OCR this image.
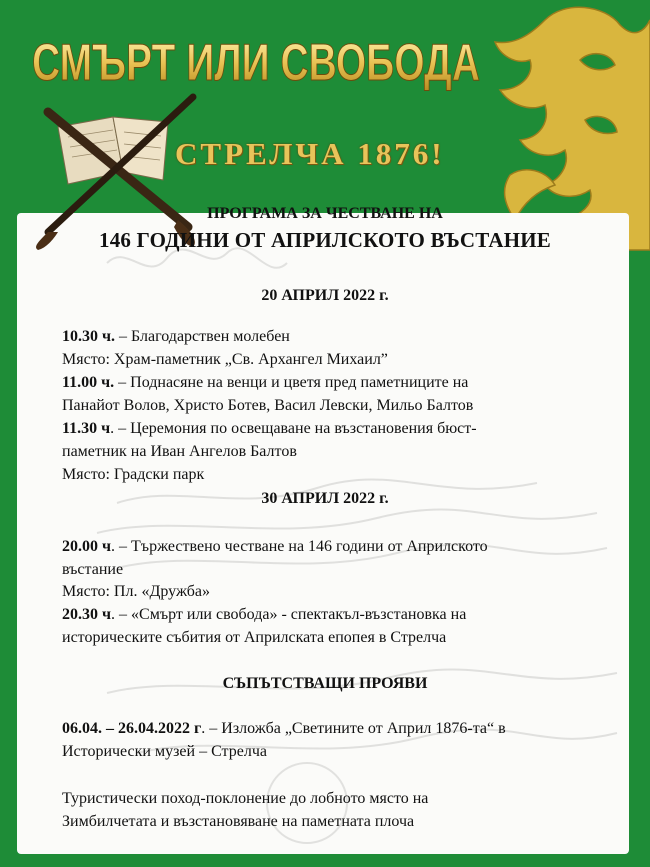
СМЪРТ ИЛИ СВОБОДА
СТРЕЛЧА 1876!
ПРОГРАМА ЗА ЧЕСТВАНЕ НА
146 ГОДИНИ ОТ АПРИЛСКОТО ВЪСТАНИЕ
20 АПРИЛ 2022 г.
10.30 ч. – Благодарствен молебен
Място: Храм-паметник „Св. Архангел Михаил”
11.00 ч. – Поднасяне на венци и цветя пред паметниците на
Панайот Волов, Христо Ботев, Васил Левски, Мильо Балтов
11.30 ч. – Церемония по освещаване на възстановения бюст-
паметник на Иван Ангелов Балтов
Място: Градски парк
30 АПРИЛ 2022 г.
20.00 ч. – Тържествено честване на 146 години от Априлското
въстание
Място: Пл. «Дружба»
20.30 ч. – «Смърт или свобода» - спектакъл-възстановка на
историческите събития от Априлската епопея в Стрелча
СЪПЪТСТВАЩИ ПРОЯВИ
06.04. – 26.04.2022 г. – Изложба „Светините от Април 1876-та“ в
Исторически музей – Стрелча
Туристически поход-поклонение до лобното място на
Зимбилчетата и възстановяване на паметната плоча
